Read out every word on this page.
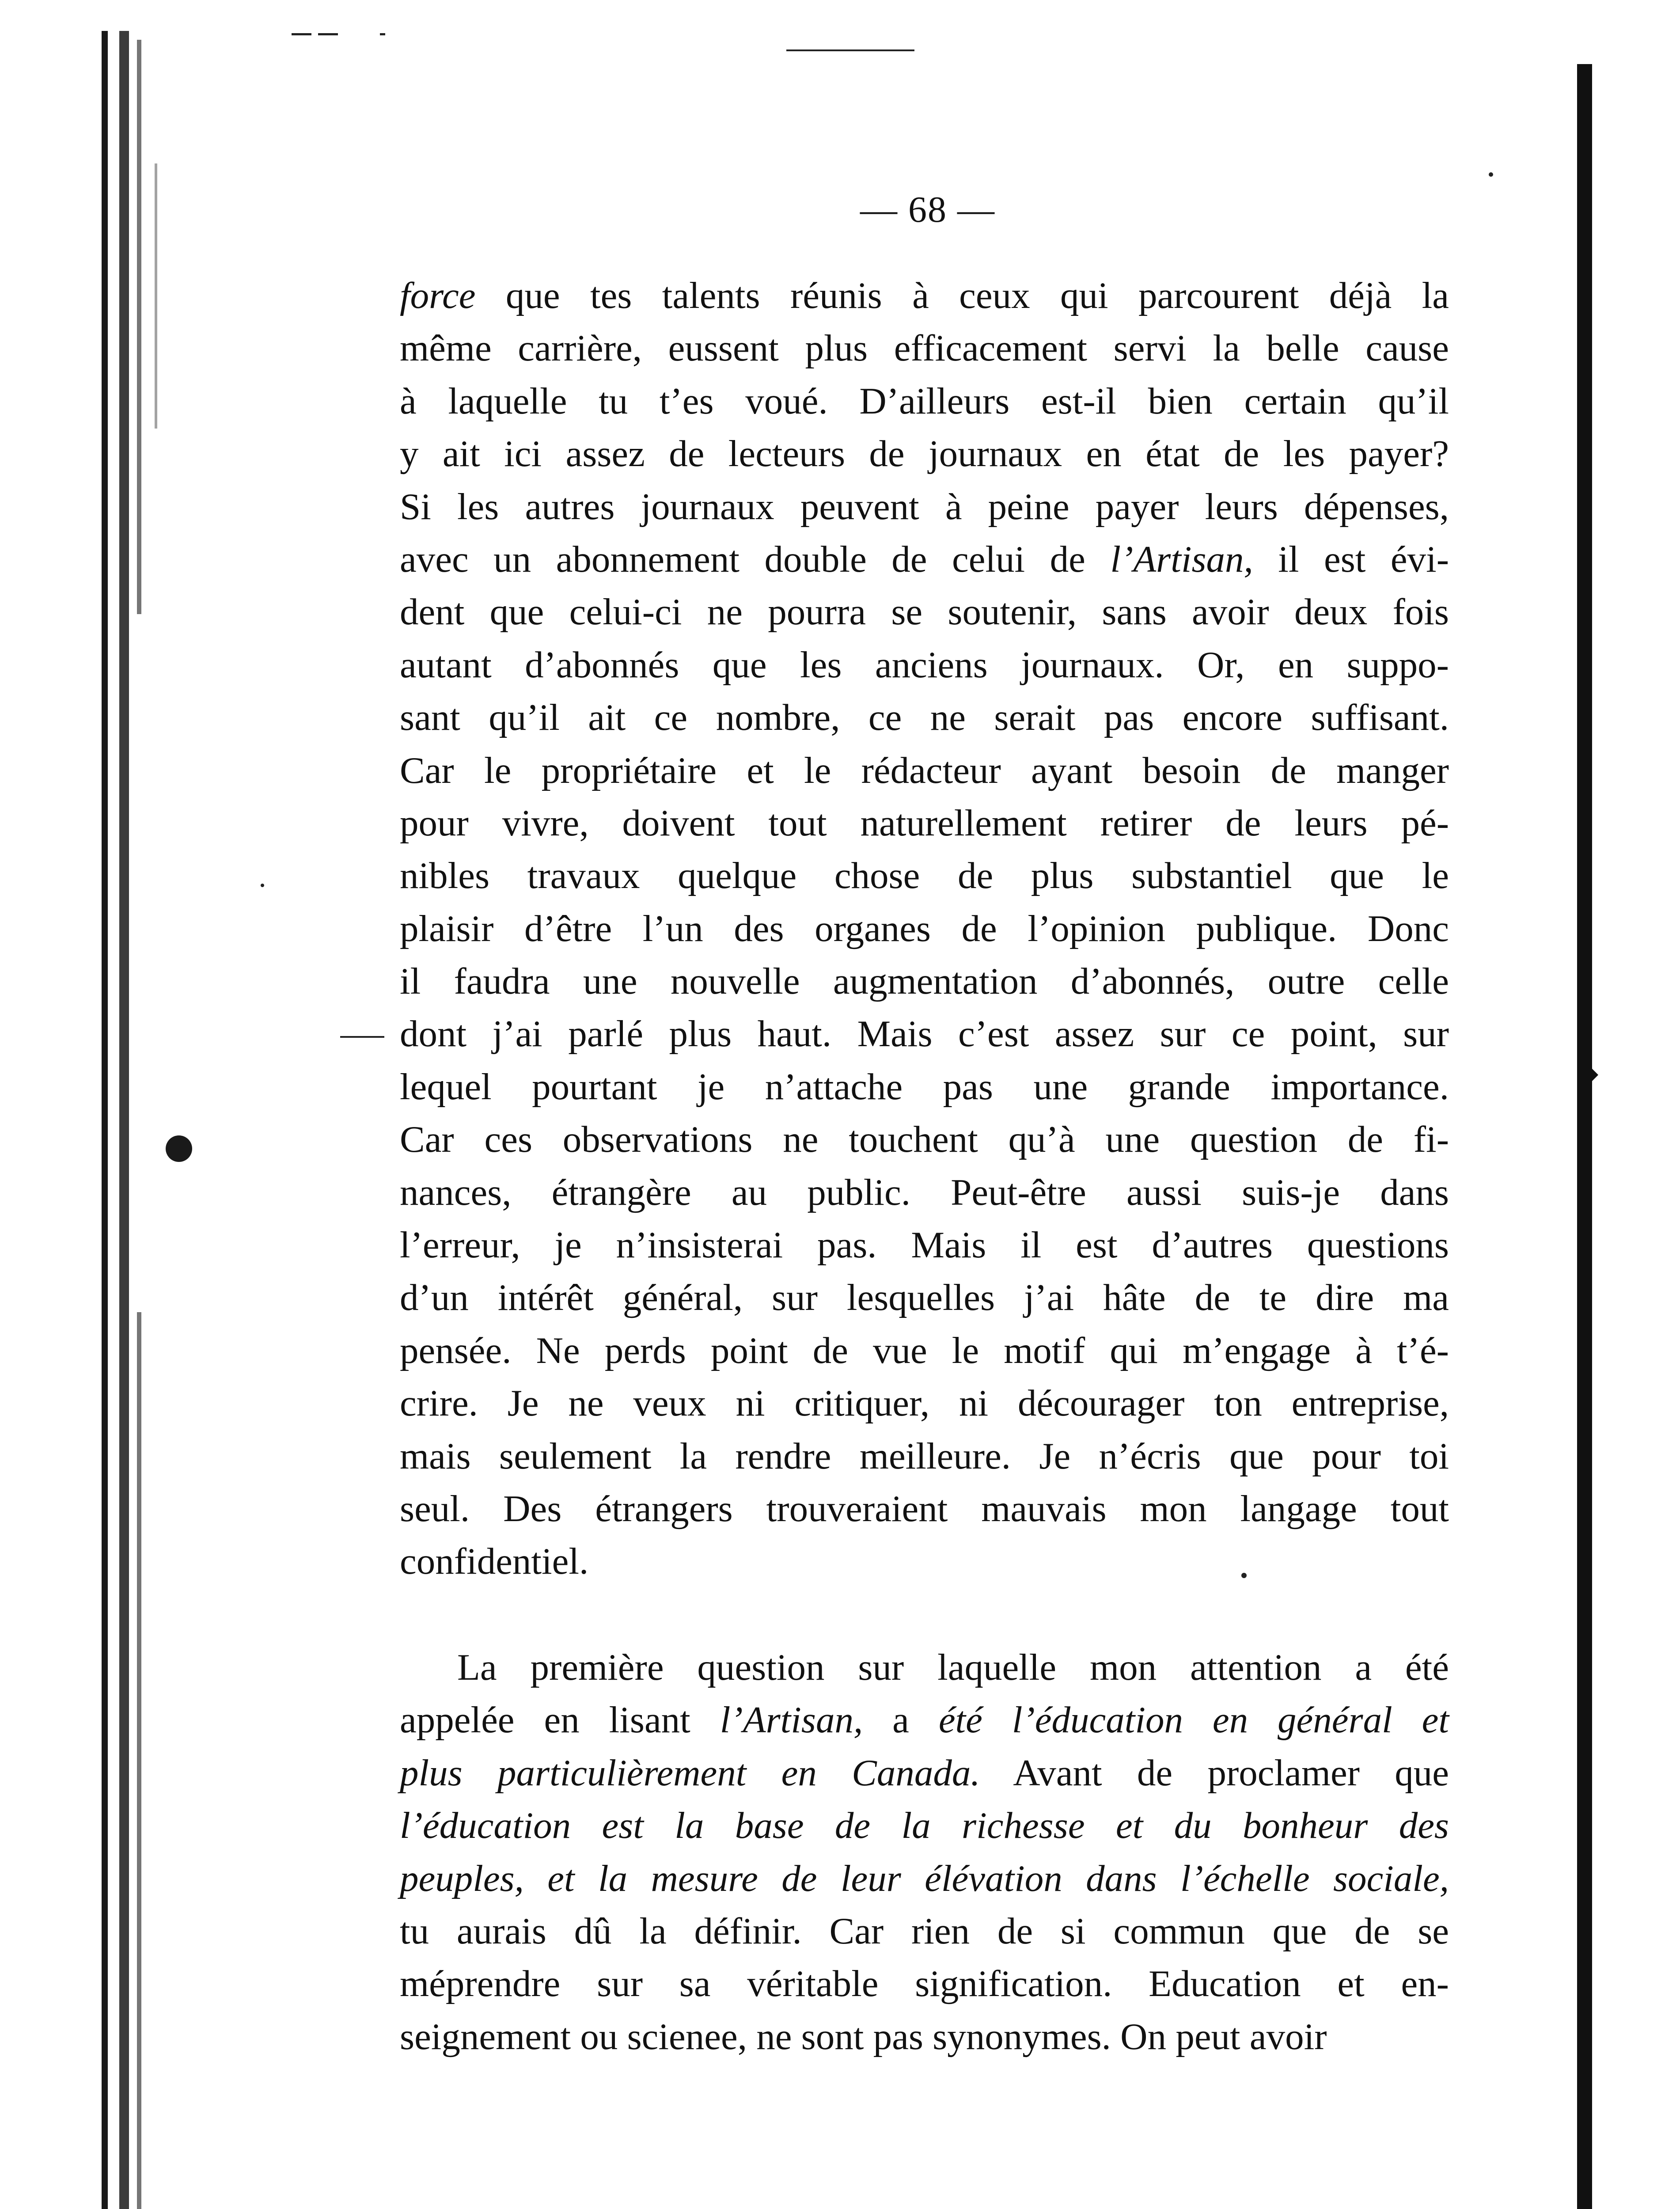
— 68 —
force que tes talents réunis à ceux qui parcourent déjà la
même carrière, eussent plus efficacement servi la belle cause
à laquelle tu t’es voué. D’ailleurs est-il bien certain qu’il
y ait ici assez de lecteurs de journaux en état de les payer?
Si les autres journaux peuvent à peine payer leurs dépenses,
avec un abonnement double de celui de l’Artisan, il est évi-
dent que celui-ci ne pourra se soutenir, sans avoir deux fois
autant d’abonnés que les anciens journaux. Or, en suppo-
sant qu’il ait ce nombre, ce ne serait pas encore suffisant.
Car le propriétaire et le rédacteur ayant besoin de manger
pour vivre, doivent tout naturellement retirer de leurs pé-
nibles travaux quelque chose de plus substantiel que le
plaisir d’être l’un des organes de l’opinion publique. Donc
il faudra une nouvelle augmentation d’abonnés, outre celle
dont j’ai parlé plus haut. Mais c’est assez sur ce point, sur
lequel pourtant je n’attache pas une grande importance.
Car ces observations ne touchent qu’à une question de fi-
nances, étrangère au public. Peut-être aussi suis-je dans
l’erreur, je n’insisterai pas. Mais il est d’autres questions
d’un intérêt général, sur lesquelles j’ai hâte de te dire ma
pensée. Ne perds point de vue le motif qui m’engage à t’é-
crire. Je ne veux ni critiquer, ni décourager ton entreprise,
mais seulement la rendre meilleure. Je n’écris que pour toi
seul. Des étrangers trouveraient mauvais mon langage tout
confidentiel.
La première question sur laquelle mon attention a été
appelée en lisant l’Artisan, a été l’éducation en général et
plus particulièrement en Canada. Avant de proclamer que
l’éducation est la base de la richesse et du bonheur des
peuples, et la mesure de leur élévation dans l’échelle sociale,
tu aurais dû la définir. Car rien de si commun que de se
méprendre sur sa véritable signification. Education et en-
seignement ou scienee, ne sont pas synonymes. On peut avoir
